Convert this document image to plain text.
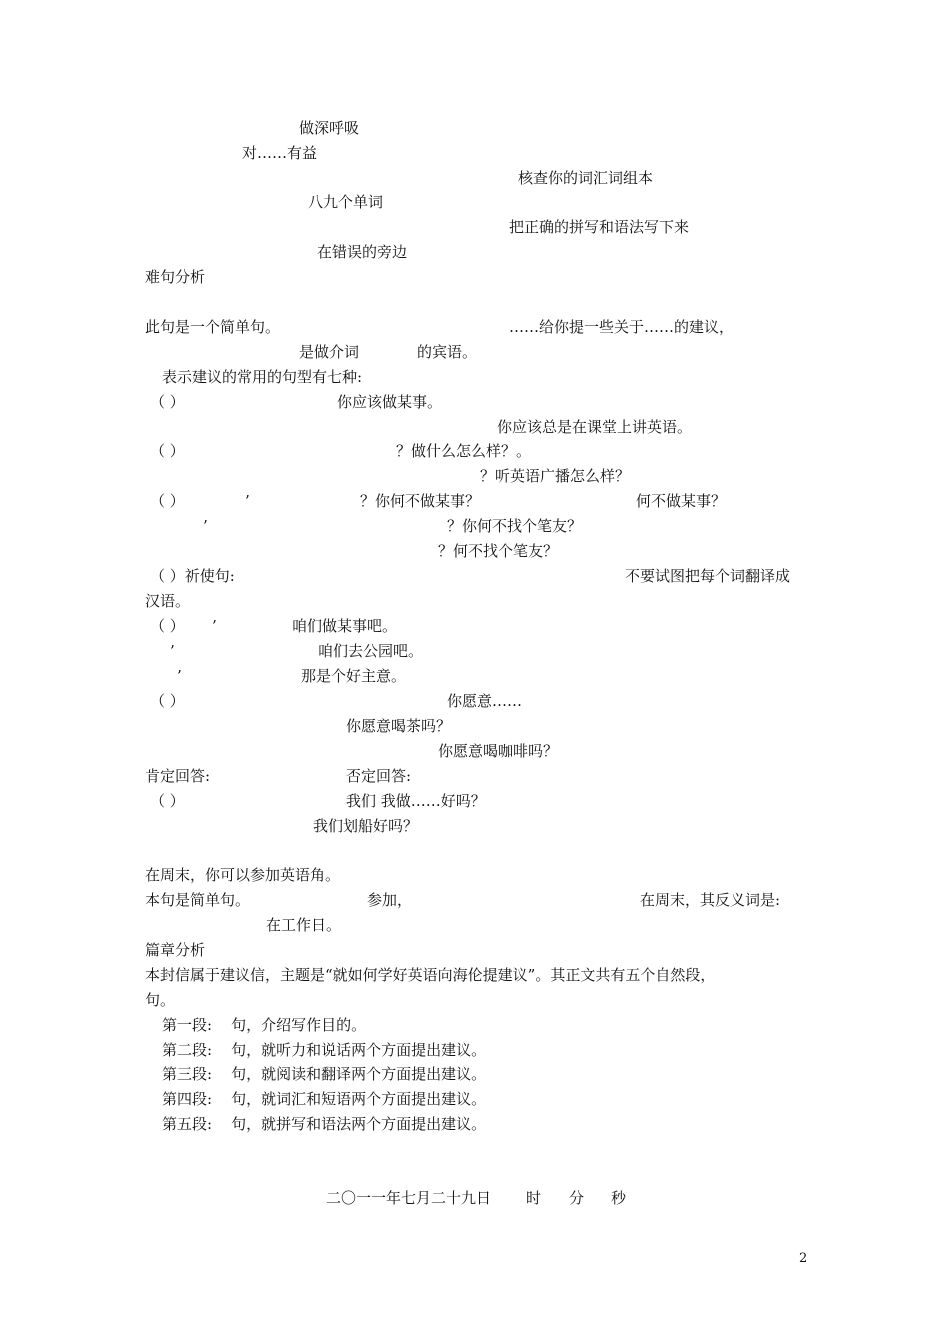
做深呼吸
对……有益
核查你的词汇词组本
八九个单词
把正确的拼写和语法写下来
在错误的旁边
难句分析
此句是一个简单句。	……给你提一些关于……的建议，
是做介词	的宾语。
表示建议的常用的句型有七种:
（ ）	你应该做某事。
你应该总是在课堂上讲英语。
（ ）	？做什么怎么样？。
？听英语广播怎么样？
（ ）	’	？你何不做某事？	何不做某事？
’	？你何不找个笔友？
？何不找个笔友？
（ ）祈使句:	不要试图把每个词翻译成
汉语。
（ ） ’	咱们做某事吧。
’	咱们去公园吧。
’	那是个好主意。
（ ）	你愿意……
你愿意喝茶吗？
你愿意喝咖啡吗？
肯定回答:	否定回答:
（ ）	我们 我做……好吗？
我们划船好吗？
在周末，你可以参加英语角。
本句是简单句。	参加，	在周末，其反义词是:
在工作日。
篇章分析
本封信属于建议信，主题是“就如何学好英语向海伦提建议”。其正文共有五个自然段，
句。
第一段:    句，介绍写作目的。
第二段:    句，就听力和说话两个方面提出建议。
第三段:    句，就阅读和翻译两个方面提出建议。
第四段:    句，就词汇和短语两个方面提出建议。
第五段:    句，就拼写和语法两个方面提出建议。
二〇一一年七月二十九日 时 分 秒
2
